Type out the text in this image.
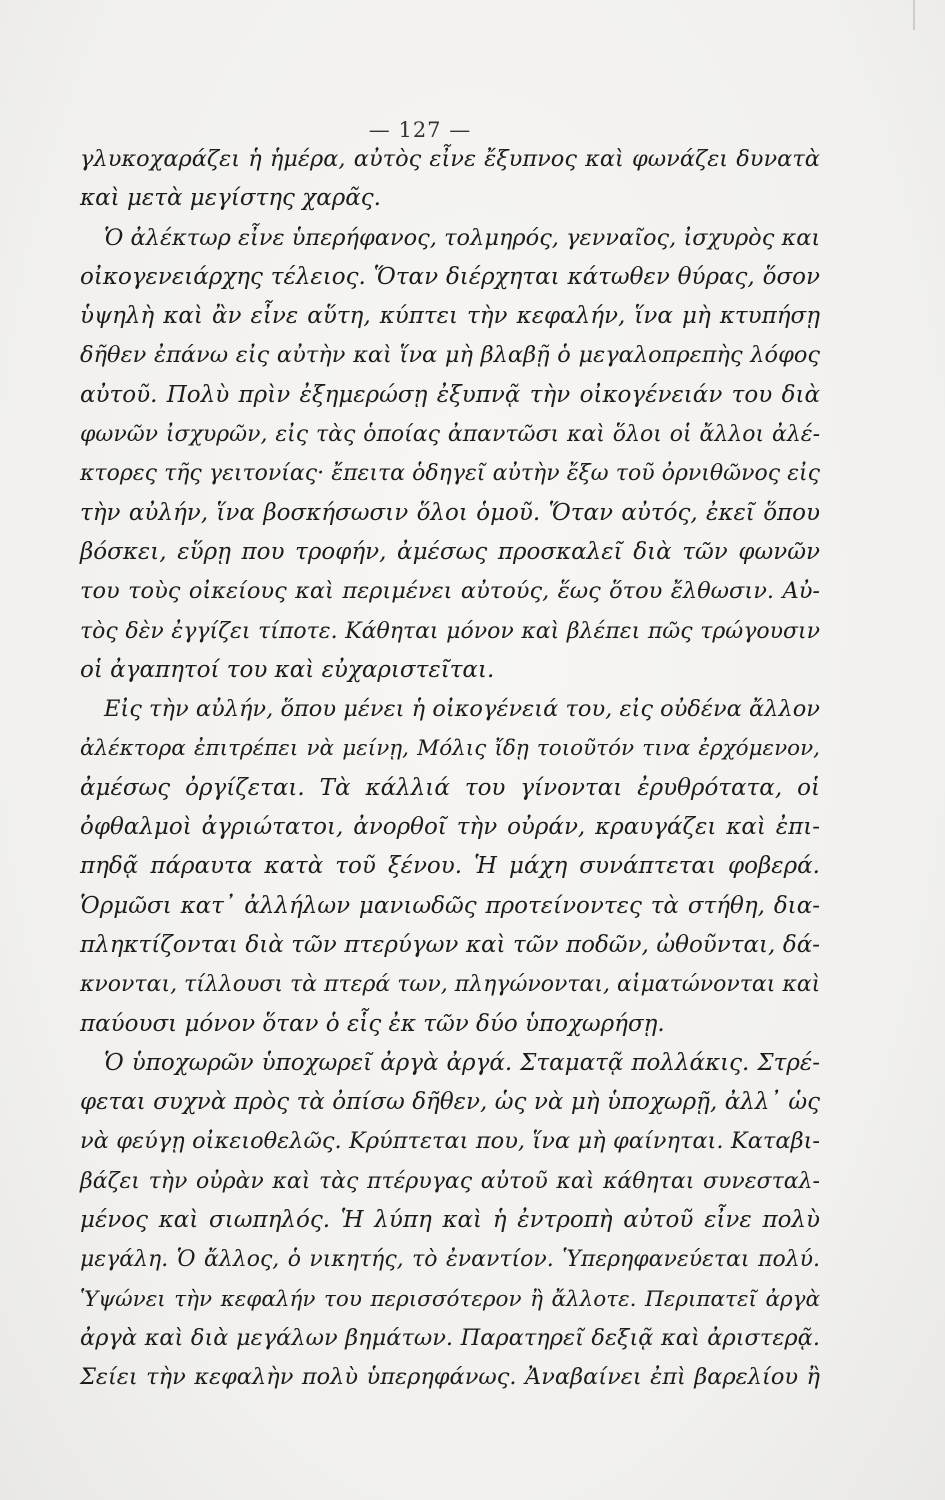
— 127 —
γλυκοχαράζει ἡ ἡμέρα, αὐτὸς εἶνε ἔξυπνος καὶ φωνάζει δυνατὰ
καὶ μετὰ μεγίστης χαρᾶς.
Ὁ ἀλέκτωρ εἶνε ὑπερήφανος, τολμηρός, γενναῖος, ἰσχυρὸς και
οἰκογενειάρχης τέλειος. Ὅταν διέρχηται κάτωθεν θύρας, ὅσον
ὑψηλὴ καὶ ἂν εἶνε αὕτη, κύπτει τὴν κεφαλήν, ἵνα μὴ κτυπήσῃ
δῆθεν ἐπάνω εἰς αὐτὴν καὶ ἵνα μὴ βλαβῇ ὁ μεγαλοπρεπὴς λόφος
αὐτοῦ. Πολὺ πρὶν ἐξημερώσῃ ἐξυπνᾷ τὴν οἰκογένειάν του διὰ
φωνῶν ἰσχυρῶν, εἰς τὰς ὁποίας ἀπαντῶσι καὶ ὅλοι οἱ ἄλλοι ἀλέ-
κτορες τῆς γειτονίας· ἔπειτα ὁδηγεῖ αὐτὴν ἔξω τοῦ ὀρνιθῶνος εἰς
τὴν αὐλήν, ἵνα βοσκήσωσιν ὅλοι ὁμοῦ. Ὅταν αὐτός, ἐκεῖ ὅπου
βόσκει, εὕρῃ που τροφήν, ἀμέσως προσκαλεῖ διὰ τῶν φωνῶν
του τοὺς οἰκείους καὶ περιμένει αὐτούς, ἕως ὅτου ἔλθωσιν. Αὐ-
τὸς δὲν ἐγγίζει τίποτε. Κάθηται μόνον καὶ βλέπει πῶς τρώγουσιν
οἱ ἀγαπητοί του καὶ εὐχαριστεῖται.
Εἰς τὴν αὐλήν, ὅπου μένει ἡ οἰκογένειά του, εἰς οὐδένα ἄλλον
ἀλέκτορα ἐπιτρέπει νὰ μείνῃ, Μόλις ἴδῃ τοιοῦτόν τινα ἐρχόμενον,
ἀμέσως ὀργίζεται. Τὰ κάλλιά του γίνονται ἐρυθρότατα, οἱ
ὀφθαλμοὶ ἀγριώτατοι, ἀνορθοῖ τὴν οὐράν, κραυγάζει καὶ ἐπι-
πηδᾷ πάραυτα κατὰ τοῦ ξένου. Ἡ μάχη συνάπτεται φοβερά.
Ὁρμῶσι κατ᾽ ἀλλήλων μανιωδῶς προτείνοντες τὰ στήθη, δια-
πληκτίζονται διὰ τῶν πτερύγων καὶ τῶν ποδῶν, ὠθοῦνται, δά-
κνονται, τίλλουσι τὰ πτερά των, πληγώνονται, αἱματώνονται καὶ
παύουσι μόνον ὅταν ὁ εἷς ἐκ τῶν δύο ὑποχωρήσῃ.
Ὁ ὑποχωρῶν ὑποχωρεῖ ἀργὰ ἀργά. Σταματᾷ πολλάκις. Στρέ-
φεται συχνὰ πρὸς τὰ ὀπίσω δῆθεν, ὡς νὰ μὴ ὑποχωρῇ, ἀλλ᾽ ὡς
νὰ φεύγῃ οἰκειοθελῶς. Κρύπτεται που, ἵνα μὴ φαίνηται. Καταβι-
βάζει τὴν οὐρὰν καὶ τὰς πτέρυγας αὐτοῦ καὶ κάθηται συνεσταλ-
μένος καὶ σιωπηλός. Ἡ λύπη καὶ ἡ ἐντροπὴ αὐτοῦ εἶνε πολὺ
μεγάλη. Ὁ ἄλλος, ὁ νικητής, τὸ ἐναντίον. Ὑπερηφανεύεται πολύ.
Ὑψώνει τὴν κεφαλήν του περισσότερον ἢ ἄλλοτε. Περιπατεῖ ἀργὰ
ἀργὰ καὶ διὰ μεγάλων βημάτων. Παρατηρεῖ δεξιᾷ καὶ ἀριστερᾷ.
Σείει τὴν κεφαλὴν πολὺ ὑπερηφάνως. Ἀναβαίνει ἐπὶ βαρελίου ἢ
